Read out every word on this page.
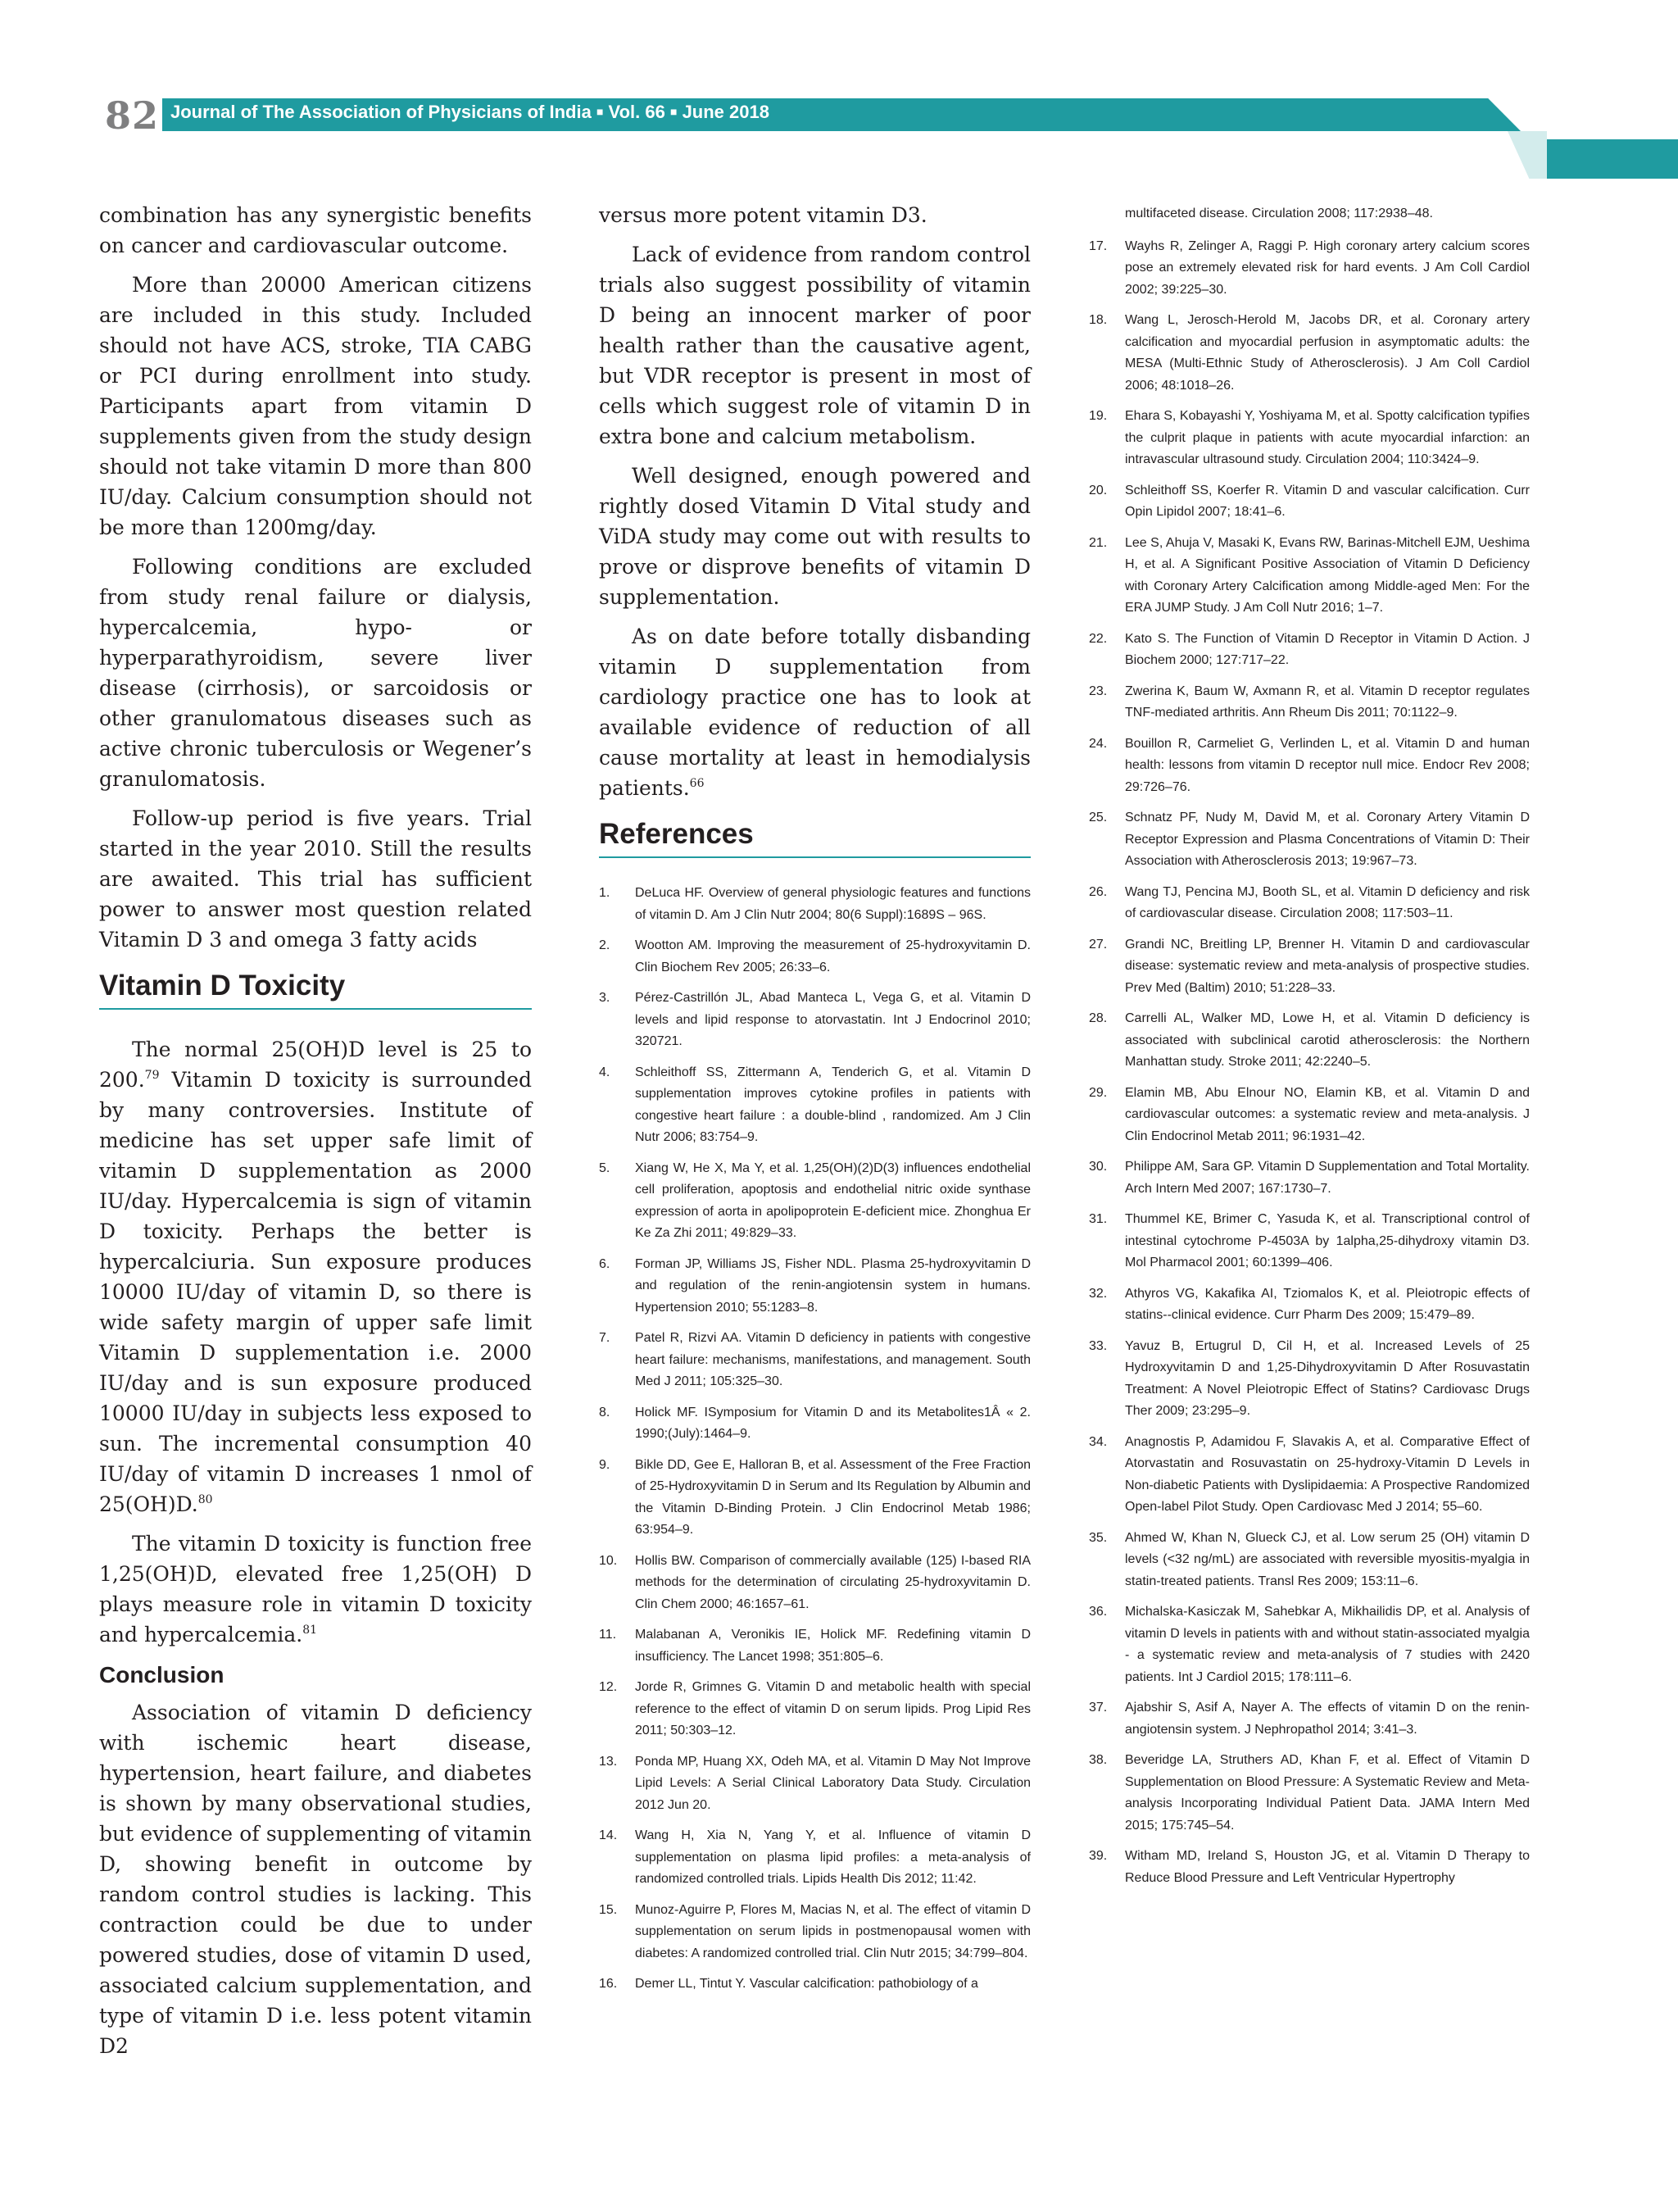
82 Journal of The Association of Physicians of India ■ Vol. 66 ■ June 2018

combination has any synergistic benefits on cancer and cardiovascular outcome.

More than 20000 American citizens are included in this study. Included should not have ACS, stroke, TIA CABG or PCI during enrollment into study. Participants apart from vitamin D supplements given from the study design should not take vitamin D more than 800 IU/day. Calcium consumption should not be more than 1200mg/day.

Following conditions are excluded from study renal failure or dialysis, hypercalcemia, hypo- or hyperparathyroidism, severe liver disease (cirrhosis), or sarcoidosis or other granulomatous diseases such as active chronic tuberculosis or Wegener’s granulomatosis.

Follow-up period is five years. Trial started in the year 2010. Still the results are awaited. This trial has sufficient power to answer most question related Vitamin D 3 and omega 3 fatty acids

Vitamin D Toxicity

The normal 25(OH)D level is 25 to 200.79 Vitamin D toxicity is surrounded by many controversies. Institute of medicine has set upper safe limit of vitamin D supplementation as 2000 IU/day. Hypercalcemia is sign of vitamin D toxicity. Perhaps the better is hypercalciuria. Sun exposure produces 10000 IU/day of vitamin D, so there is wide safety margin of upper safe limit Vitamin D supplementation i.e. 2000 IU/day and is sun exposure produced 10000 IU/day in subjects less exposed to sun. The incremental consumption 40 IU/day of vitamin D increases 1 nmol of 25(OH)D.$^{80}$

The vitamin D toxicity is function free 1,25(OH)D, elevated free 1,25(OH) D plays measure role in vitamin D toxicity and hypercalcemia.$^{81}$

Conclusion

Association of vitamin D deficiency with ischemic heart disease, hypertension, heart failure, and diabetes is shown by many observational studies, but evidence of supplementing of vitamin D, showing benefit in outcome by random control studies is lacking. This contraction could be due to under powered studies, dose of vitamin D used, associated calcium supplementation, and type of vitamin D i.e. less potent vitamin D2

versus more potent vitamin D3.

Lack of evidence from random control trials also suggest possibility of vitamin D being an innocent marker of poor health rather than the causative agent, but VDR receptor is present in most of cells which suggest role of vitamin D in extra bone and calcium metabolism.

Well designed, enough powered and rightly dosed Vitamin D Vital study and ViDA study may come out with results to prove or disprove benefits of vitamin D supplementation.

As on date before totally disbanding vitamin D supplementation from cardiology practice one has to look at available evidence of reduction of all cause mortality at least in hemodialysis patients.$^{66}$

References
1.	DeLuca HF. Overview of general physiologic features and functions of vitamin D. Am J Clin Nutr 2004; 80(6 Suppl):1689S – 96S.
2.	Wootton AM. Improving the measurement of 25-hydroxyvitamin D. Clin Biochem Rev 2005; 26:33–6.
3.	Pérez-Castrillón JL, Abad Manteca L, Vega G, et al. Vitamin D levels and lipid response to atorvastatin. Int J Endocrinol 2010; 320721.
4.	Schleithoff SS, Zittermann A, Tenderich G, et al. Vitamin D supplementation improves cytokine profiles in patients with congestive heart failure : a double-blind , randomized. Am J Clin Nutr 2006; 83:754–9.
5.	Xiang W, He X, Ma Y, et al. 1,25(OH)(2)D(3) influences endothelial cell proliferation, apoptosis and endothelial nitric oxide synthase expression of aorta in apolipoprotein E-deficient mice. Zhonghua Er Ke Za Zhi 2011; 49:829–33.
6.	Forman JP, Williams JS, Fisher NDL. Plasma 25-hydroxyvitamin D and regulation of the renin-angiotensin system in humans. Hypertension 2010; 55:1283–8.
7.	Patel R, Rizvi AA. Vitamin D deficiency in patients with congestive heart failure: mechanisms, manifestations, and management. South Med J 2011; 105:325–30.
8.	Holick MF. ISymposium for Vitamin D and its Metabolites1Â « 2. 1990;(July):1464–9.
9.	Bikle DD, Gee E, Halloran B, et al. Assessment of the Free Fraction of 25-Hydroxyvitamin D in Serum and Its Regulation by Albumin and the Vitamin D-Binding Protein. J Clin Endocrinol Metab 1986; 63:954–9.
10.	Hollis BW. Comparison of commercially available (125) I-based RIA methods for the determination of circulating 25-hydroxyvitamin D. Clin Chem 2000; 46:1657–61.
11.	Malabanan A, Veronikis IE, Holick MF. Redefining vitamin D insufficiency. The Lancet 1998; 351:805–6.
12.	Jorde R, Grimnes G. Vitamin D and metabolic health with special reference to the effect of vitamin D on serum lipids. Prog Lipid Res 2011; 50:303–12.
13.	Ponda MP, Huang XX, Odeh MA, et al. Vitamin D May Not Improve Lipid Levels: A Serial Clinical Laboratory Data Study. Circulation 2012 Jun 20.
14.	Wang H, Xia N, Yang Y, et al. Influence of vitamin D supplementation on plasma lipid profiles: a meta-analysis of randomized controlled trials. Lipids Health Dis 2012; 11:42.
15.	Munoz-Aguirre P, Flores M, Macias N, et al. The effect of vitamin D supplementation on serum lipids in postmenopausal women with diabetes: A randomized controlled trial. Clin Nutr 2015; 34:799–804.
16.	Demer LL, Tintut Y. Vascular calcification: pathobiology of a
multifaceted disease. Circulation 2008; 117:2938–48.
17.	Wayhs R, Zelinger A, Raggi P. High coronary artery calcium scores pose an extremely elevated risk for hard events. J Am Coll Cardiol 2002; 39:225–30.
18.	Wang L, Jerosch-Herold M, Jacobs DR, et al. Coronary artery calcification and myocardial perfusion in asymptomatic adults: the MESA (Multi-Ethnic Study of Atherosclerosis). J Am Coll Cardiol 2006; 48:1018–26.
19.	Ehara S, Kobayashi Y, Yoshiyama M, et al. Spotty calcification typifies the culprit plaque in patients with acute myocardial infarction: an intravascular ultrasound study. Circulation 2004; 110:3424–9.
20.	Schleithoff SS, Koerfer R. Vitamin D and vascular calcification. Curr Opin Lipidol 2007; 18:41–6.
21.	Lee S, Ahuja V, Masaki K, Evans RW, Barinas-Mitchell EJM, Ueshima H, et al. A Significant Positive Association of Vitamin D Deficiency with Coronary Artery Calcification among Middle-aged Men: For the ERA JUMP Study. J Am Coll Nutr 2016; 1–7.
22.	Kato S. The Function of Vitamin D Receptor in Vitamin D Action. J Biochem 2000; 127:717–22.
23.	Zwerina K, Baum W, Axmann R, et al. Vitamin D receptor regulates TNF-mediated arthritis. Ann Rheum Dis 2011; 70:1122–9.
24.	Bouillon R, Carmeliet G, Verlinden L, et al. Vitamin D and human health: lessons from vitamin D receptor null mice. Endocr Rev 2008; 29:726–76.
25.	Schnatz PF, Nudy M, David M, et al. Coronary Artery Vitamin D Receptor Expression and Plasma Concentrations of Vitamin D: Their Association with Atherosclerosis 2013; 19:967–73.
26.	Wang TJ, Pencina MJ, Booth SL, et al. Vitamin D deficiency and risk of cardiovascular disease. Circulation 2008; 117:503–11.
27.	Grandi NC, Breitling LP, Brenner H. Vitamin D and cardiovascular disease: systematic review and meta-analysis of prospective studies. Prev Med (Baltim) 2010; 51:228–33.
28.	Carrelli AL, Walker MD, Lowe H, et al. Vitamin D deficiency is associated with subclinical carotid atherosclerosis: the Northern Manhattan study. Stroke 2011; 42:2240–5.
29.	Elamin MB, Abu Elnour NO, Elamin KB, et al. Vitamin D and cardiovascular outcomes: a systematic review and meta-analysis. J Clin Endocrinol Metab 2011; 96:1931–42.
30.	Philippe AM, Sara GP. Vitamin D Supplementation and Total Mortality. Arch Intern Med 2007; 167:1730–7.
31.	Thummel KE, Brimer C, Yasuda K, et al. Transcriptional control of intestinal cytochrome P-4503A by 1alpha,25-dihydroxy vitamin D3. Mol Pharmacol 2001; 60:1399–406.
32.	Athyros VG, Kakafika AI, Tziomalos K, et al. Pleiotropic effects of statins--clinical evidence. Curr Pharm Des 2009; 15:479–89.
33.	Yavuz B, Ertugrul D, Cil H, et al. Increased Levels of 25 Hydroxyvitamin D and 1,25-Dihydroxyvitamin D After Rosuvastatin Treatment: A Novel Pleiotropic Effect of Statins? Cardiovasc Drugs Ther 2009; 23:295–9.
34.	Anagnostis P, Adamidou F, Slavakis A, et al. Comparative Effect of Atorvastatin and Rosuvastatin on 25-hydroxy-Vitamin D Levels in Non-diabetic Patients with Dyslipidaemia: A Prospective Randomized Open-label Pilot Study. Open Cardiovasc Med J 2014; 55–60.
35.	Ahmed W, Khan N, Glueck CJ, et al. Low serum 25 (OH) vitamin D levels (<32 ng/mL) are associated with reversible myositis-myalgia in statin-treated patients. Transl Res 2009; 153:11–6.
36.	Michalska-Kasiczak M, Sahebkar A, Mikhailidis DP, et al. Analysis of vitamin D levels in patients with and without statin-associated myalgia - a systematic review and meta-analysis of 7 studies with 2420 patients. Int J Cardiol 2015; 178:111–6.
37.	Ajabshir S, Asif A, Nayer A. The effects of vitamin D on the renin-angiotensin system. J Nephropathol 2014; 3:41–3.
38.	Beveridge LA, Struthers AD, Khan F, et al. Effect of Vitamin D Supplementation on Blood Pressure: A Systematic Review and Meta-analysis Incorporating Individual Patient Data. JAMA Intern Med 2015; 175:745–54.
39.	Witham MD, Ireland S, Houston JG, et al. Vitamin D Therapy to Reduce Blood Pressure and Left Ventricular Hypertrophy
